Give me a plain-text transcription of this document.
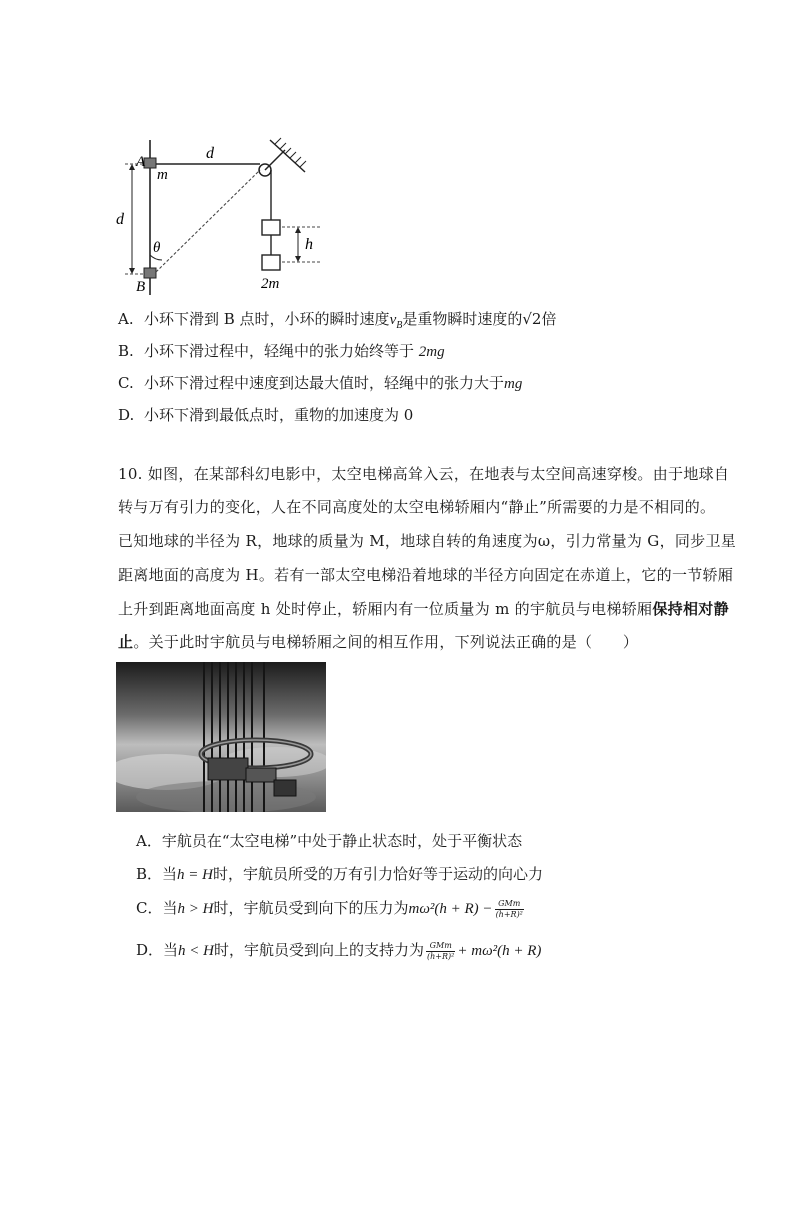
A
m
d
d
θ	h
B	2m
A. 小环下滑到 B 点时，小环的瞬时速度$v_B$是重物瞬时速度的√2倍
B. 小环下滑过程中，轻绳中的张力始终等于 2mg
C. 小环下滑过程中速度到达最大值时，轻绳中的张力大于mg
D. 小环下滑到最低点时，重物的加速度为 0
10. 如图，在某部科幻电影中，太空电梯高耸入云，在地表与太空间高速穿梭。由于地球自
转与万有引力的变化，人在不同高度处的太空电梯轿厢内“静止”所需要的力是不相同的。
已知地球的半径为 R，地球的质量为 M，地球自转的角速度为ω，引力常量为 G，同步卫星
距离地面的高度为 H。若有一部太空电梯沿着地球的半径方向固定在赤道上，它的一节轿厢
上升到距离地面高度 h 处时停止，轿厢内有一位质量为 m 的宇航员与电梯轿厢保持相对静
止。关于此时宇航员与电梯轿厢之间的相互作用，下列说法正确的是（　　）
A．宇航员在“太空电梯”中处于静止状态时，处于平衡状态
B．当h = H时，宇航员所受的万有引力恰好等于运动的向心力
C．当h > H时，宇航员受到向下的压力为$m\omega^2(h + R) - \frac{\text{GMm}}{\text{(h+R)²}}$
D．当h < H时，宇航员受到向上的支持力为 $\frac{\text{GMm}}{\text{(h+R)²}} + m\omega^2(h + R)$
